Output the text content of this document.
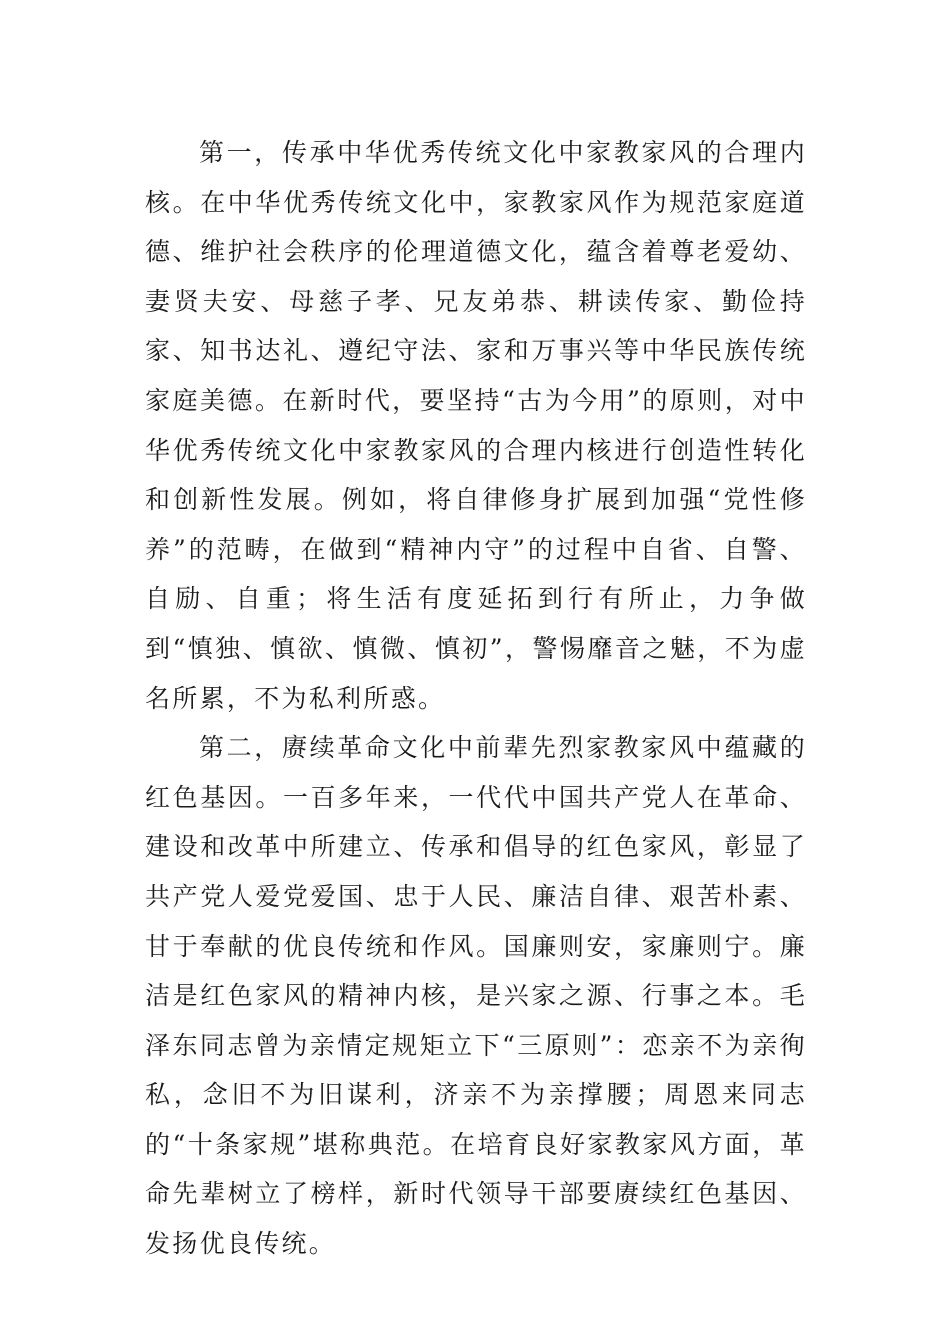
第一，传承中华优秀传统文化中家教家风的合理内核。在中华优秀传统文化中，家教家风作为规范家庭道德、维护社会秩序的伦理道德文化，蕴含着尊老爱幼、妻贤夫安、母慈子孝、兄友弟恭、耕读传家、勤俭持家、知书达礼、遵纪守法、家和万事兴等中华民族传统家庭美德。在新时代，要坚持“古为今用”的原则，对中华优秀传统文化中家教家风的合理内核进行创造性转化和创新性发展。例如，将自律修身扩展到加强“党性修养”的范畴，在做到“精神内守”的过程中自省、自警、自励、自重；将生活有度延拓到行有所止，力争做到“慎独、慎欲、慎微、慎初”，警惕靡音之魅，不为虚名所累，不为私利所惑。

第二，赓续革命文化中前辈先烈家教家风中蕴藏的红色基因。一百多年来，一代代中国共产党人在革命、建设和改革中所建立、传承和倡导的红色家风，彰显了共产党人爱党爱国、忠于人民、廉洁自律、艰苦朴素、甘于奉献的优良传统和作风。国廉则安，家廉则宁。廉洁是红色家风的精神内核，是兴家之源、行事之本。毛泽东同志曾为亲情定规矩立下“三原则”：恋亲不为亲徇私，念旧不为旧谋利，济亲不为亲撑腰；周恩来同志的“十条家规”堪称典范。在培育良好家教家风方面，革命先辈树立了榜样，新时代领导干部要赓续红色基因、发扬优良传统。
